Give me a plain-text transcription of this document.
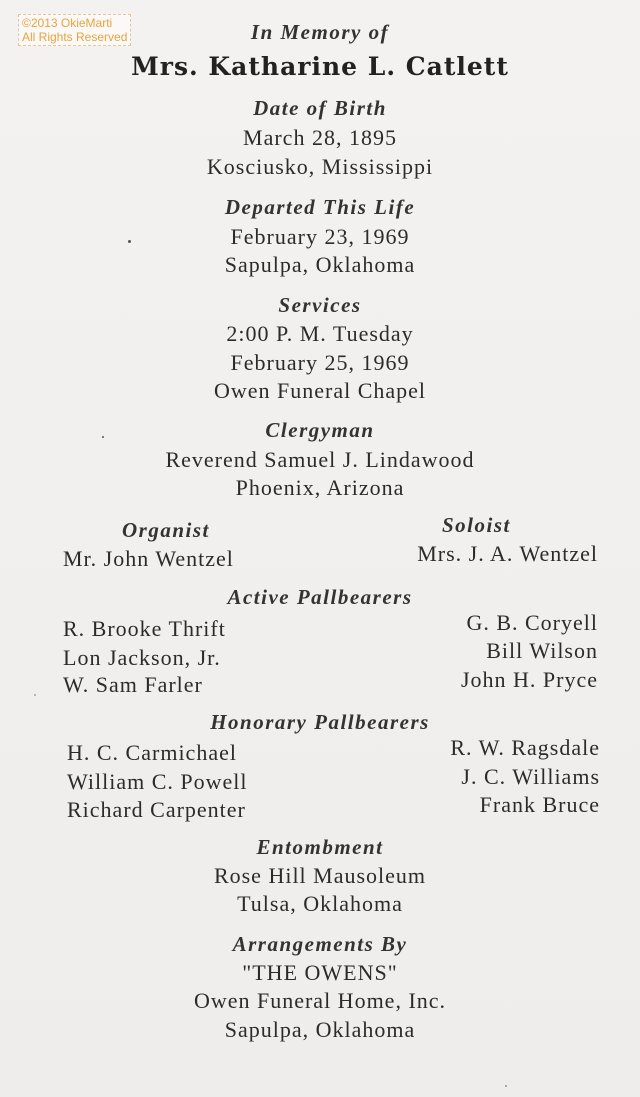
©2013 OkieMarti
All Rights Reserved	In Memory of
Mrs. Katharine L. Catlett
Date of Birth
March 28, 1895
Kosciusko, Mississippi
Departed This Life
February 23, 1969
Sapulpa, Oklahoma
Services
2:00 P. M. Tuesday
February 25, 1969
Owen Funeral Chapel
Clergyman
Reverend Samuel J. Lindawood
Phoenix, Arizona
Organist
Mr. John Wentzel
Soloist
Mrs. J. A. Wentzel
Active Pallbearers
R. Brooke Thrift
Lon Jackson, Jr.
W. Sam Farler
G. B. Coryell
Bill Wilson
John H. Pryce
Honorary Pallbearers
H. C. Carmichael
William C. Powell
Richard Carpenter
R. W. Ragsdale
J. C. Williams
Frank Bruce
Entombment
Rose Hill Mausoleum
Tulsa, Oklahoma
Arrangements By
"THE OWENS"
Owen Funeral Home, Inc.
Sapulpa, Oklahoma
